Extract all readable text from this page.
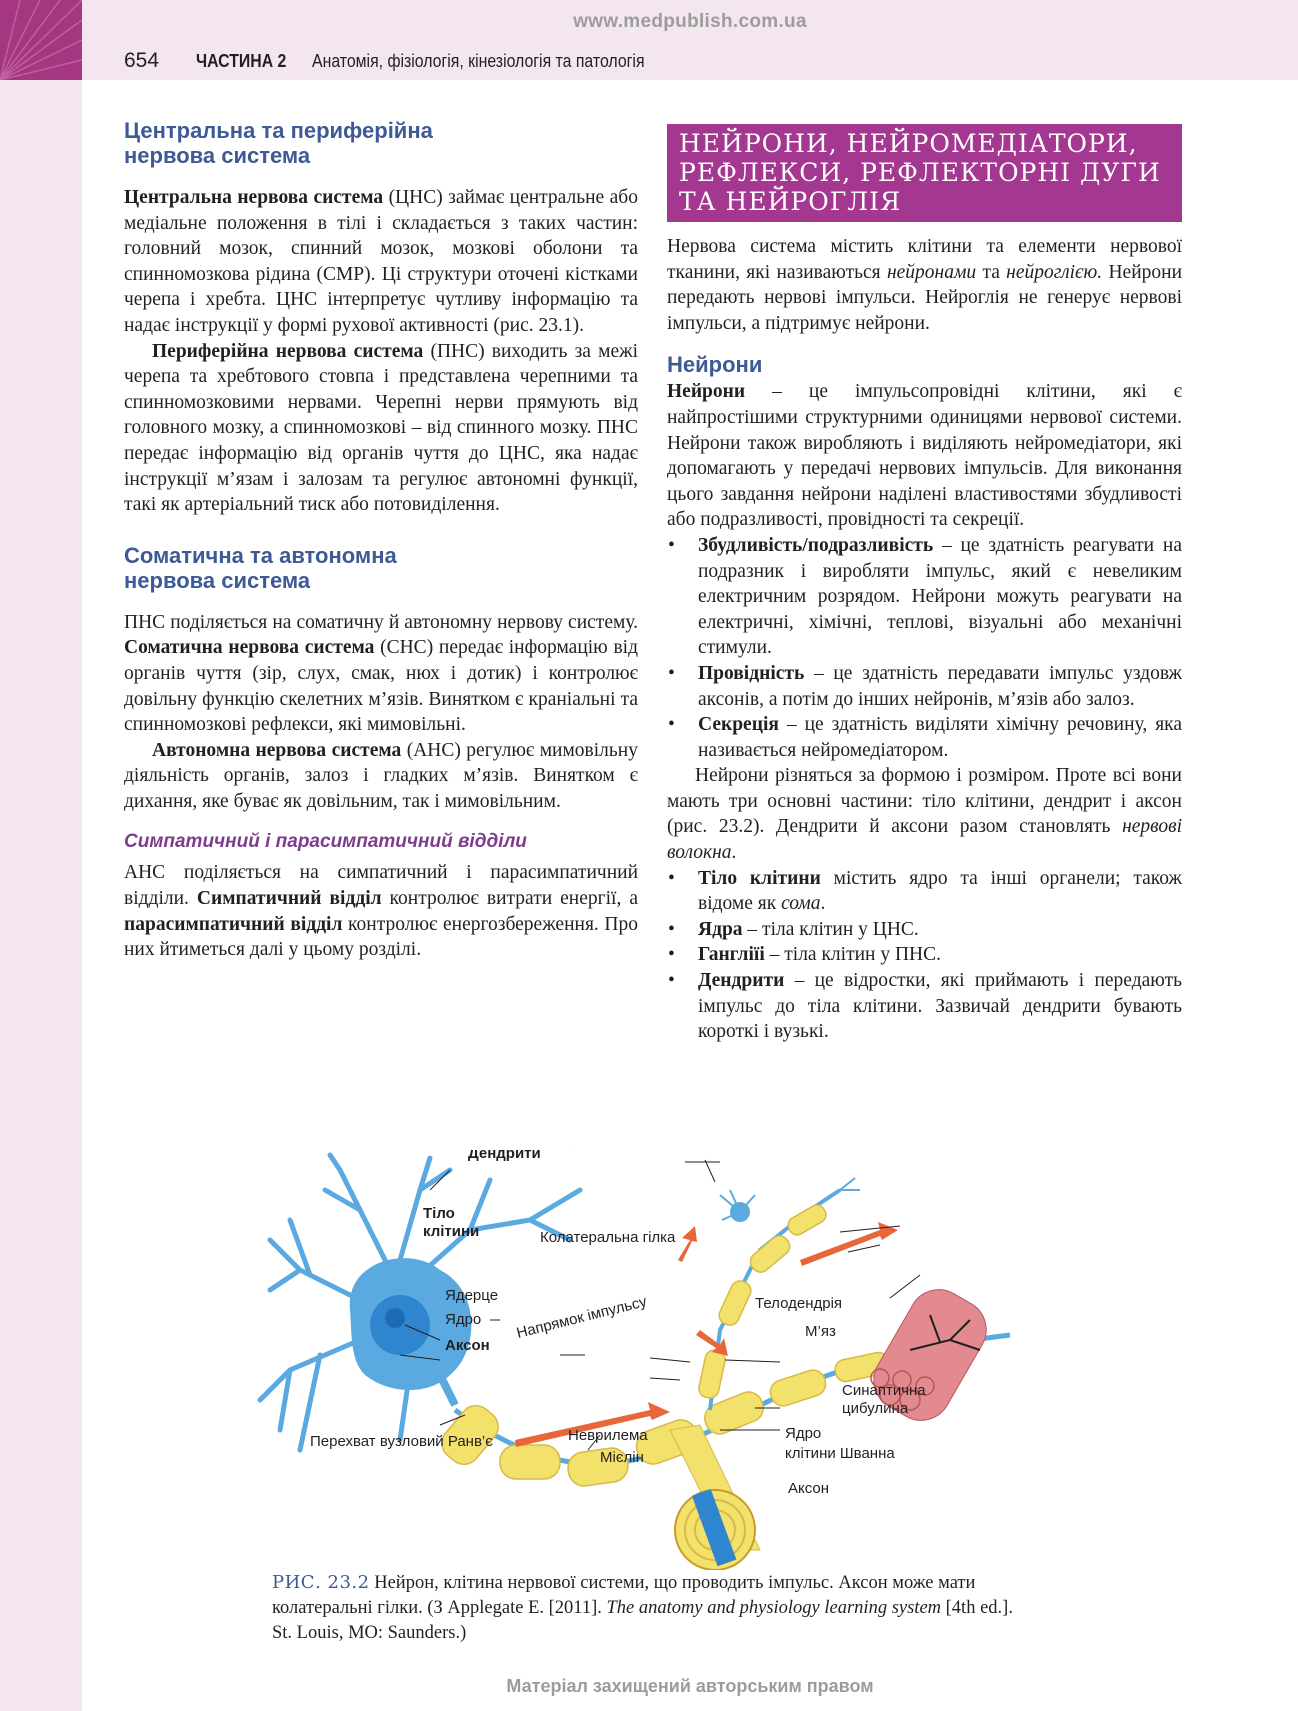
www.medpublish.com.ua
654 ЧАСТИНА 2 Анатомія, фізіологія, кінезіологія та патологія
Центральна та периферійна
нервова система

Центральна нервова система (ЦНС) займає центральне або медіальне положення в тілі і складається з таких частин: головний мозок, спинний мозок, мозкові оболони та спинномозкова рідина (СМР). Ці структури оточені кістками черепа і хребта. ЦНС інтерпретує чутливу інформацію та надає інструкції у формі рухової активності (рис. 23.1).

Периферійна нервова система (ПНС) виходить за межі черепа та хребтового стовпа і представлена черепними та спинномозковими нервами. Черепні нерви прямують від головного мозку, а спинномозкові – від спинного мозку. ПНС передає інформацію від органів чуття до ЦНС, яка надає інструкції м’язам і залозам та регулює автономні функції, такі як артеріальний тиск або потовиділення.

Соматична та автономна
нервова система

ПНС поділяється на соматичну й автономну нервову систему. Соматична нервова система (СНС) передає інформацію від органів чуття (зір, слух, смак, нюх і дотик) і контролює довільну функцію скелетних м’язів. Винятком є краніальні та спинномозкові рефлекси, які мимовільні.

Автономна нервова система (АНС) регулює мимовільну діяльність органів, залоз і гладких м’язів. Винятком є дихання, яке буває як довільним, так і мимовільним.

Симпатичний і парасимпатичний відділи

АНС поділяється на симпатичний і парасимпатичний відділи. Симпатичний відділ контролює витрати енергії, а парасимпатичний відділ контролює енергозбереження. Про них йтиметься далі у цьому розділі.

НЕЙРОНИ, НЕЙРОМЕДІАТОРИ,
РЕФЛЕКСИ, РЕФЛЕКТОРНІ ДУГИ
ТА НЕЙРОГЛІЯ

Нервова система містить клітини та елементи нервової тканини, які називаються нейронами та нейроглією. Нейрони передають нервові імпульси. Нейроглія не генерує нервові імпульси, а підтримує нейрони.

Нейрони

Нейрони – це імпульсопровідні клітини, які є найпростішими структурними одиницями нервової системи. Нейрони також виробляють і виділяють нейромедіатори, які допомагають у передачі нервових імпульсів. Для виконання цього завдання нейрони наділені властивостями збудливості або подразливості, провідності та секреції.

• Збудливість/подразливість – це здатність реагувати на подразник і виробляти імпульс, який є невеликим електричним розрядом. Нейрони можуть реагувати на електричні, хімічні, теплові, візуальні або механічні стимули.
• Провідність – це здатність передавати імпульс уздовж аксонів, а потім до інших нейронів, м’язів або залоз.
• Секреція – це здатність виділяти хімічну речовину, яка називається нейромедіатором.

Нейрони різняться за формою і розміром. Проте всі вони мають три основні частини: тіло клітини, дендрит і аксон (рис. 23.2). Дендрити й аксони разом становлять нервові волокна.

• Тіло клітини містить ядро та інші органели; також відоме як сома.
• Ядра – тіла клітин у ЦНС.
• Гангліїі – тіла клітин у ПНС.
• Дендрити – це відростки, які приймають і передають імпульс до тіла клітини. Зазвичай дендрити бувають короткі і вузькі.
Дендрити
Тіло
клітини
Ядерце
Ядро
Аксон
Колатеральна гілка
Напрямок імпульсу	Телодендрія
М’яз
Синаптична
цибулина
Перехват вузловий Ранв’є	Неврилема
Мієлін
Ядро
клітини Шванна
Аксон
РИС. 23.2 Нейрон, клітина нервової системи, що проводить імпульс. Аксон може мати колатеральні гілки. (З Applegate E. [2011]. The anatomy and physiology learning system [4th ed.]. St. Louis, MO: Saunders.)
Матеріал захищений авторським правом
